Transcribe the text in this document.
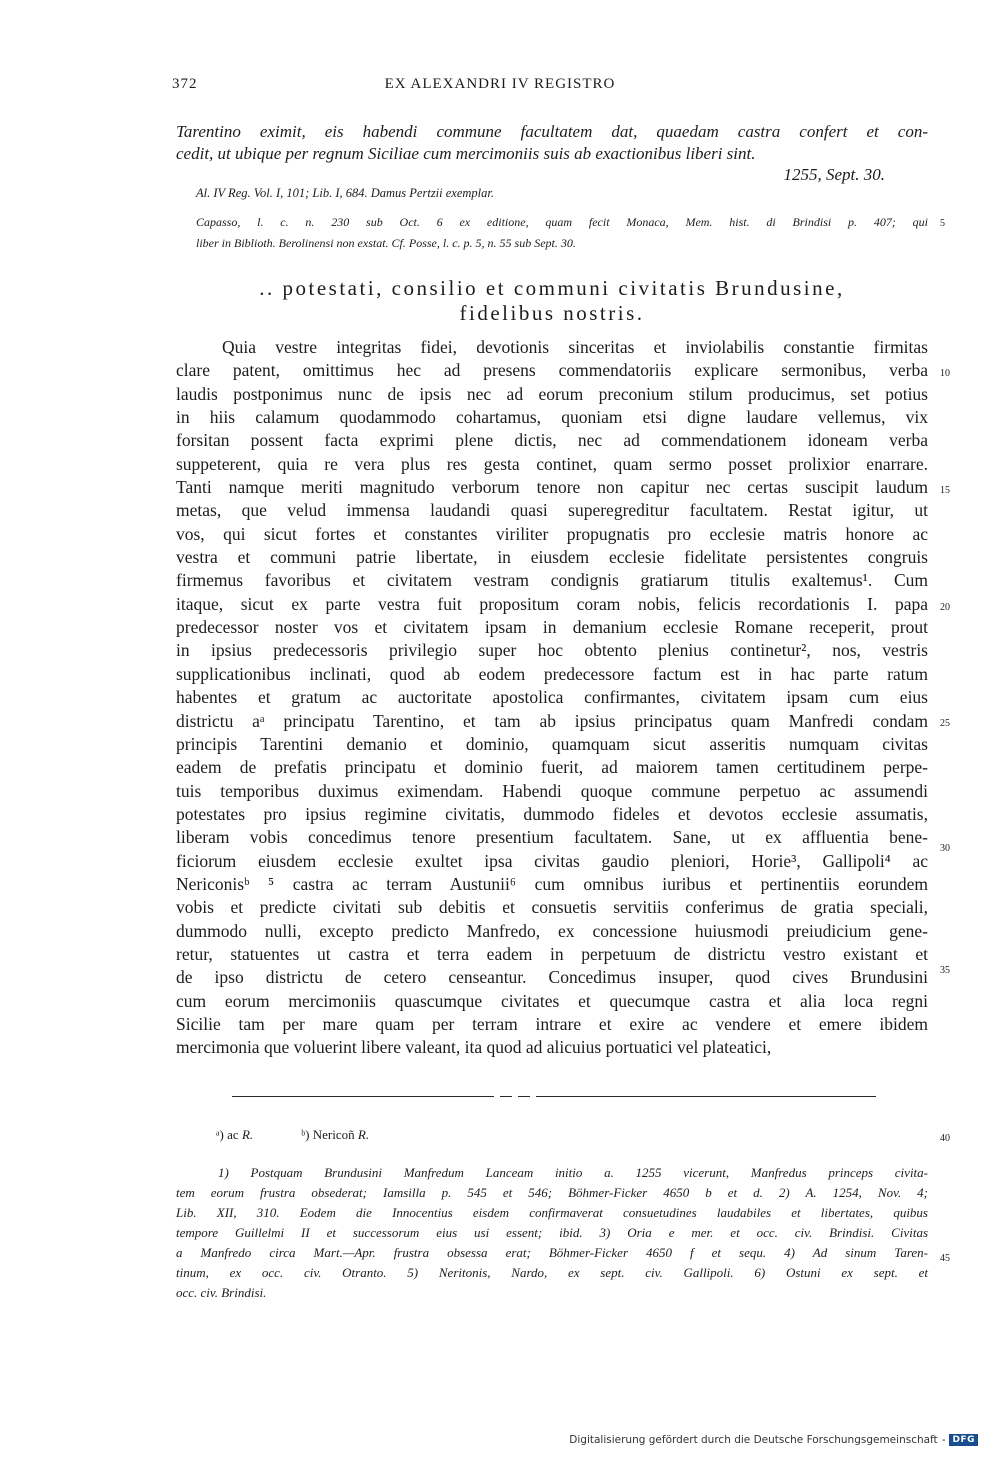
372	EX ALEXANDRI IV REGISTRO
Tarentino eximit, eis habendi commune facultatem dat, quaedam castra confert et con-
cedit, ut ubique per regnum Siciliae cum mercimoniis suis ab exactionibus liberi sint.
1255, Sept. 30.
Al. IV Reg. Vol. I, 101; Lib. I, 684. Damus Pertzii exemplar.
Capasso, l. c. n. 230 sub Oct. 6 ex editione, quam fecit Monaca, Mem. hist. di Brindisi p. 407; qui
liber in Biblioth. Berolinensi non exstat. Cf. Posse, l. c. p. 5, n. 55 sub Sept. 30.
.. potestati, consilio et communi civitatis Brundusine,
fidelibus nostris.
Quia vestre integritas fidei, devotionis sinceritas et inviolabilis constantie firmitas
clare patent, omittimus hec ad presens commendatoriis explicare sermonibus, verba
laudis postponimus nunc de ipsis nec ad eorum preconium stilum producimus, set potius
in hiis calamum quodammodo cohartamus, quoniam etsi digne laudare vellemus, vix
forsitan possent facta exprimi plene dictis, nec ad commendationem idoneam verba
suppeterent, quia re vera plus res gesta continet, quam sermo posset prolixior enarrare.
Tanti namque meriti magnitudo verborum tenore non capitur nec certas suscipit laudum
metas, que velud immensa laudandi quasi superegreditur facultatem. Restat igitur, ut
vos, qui sicut fortes et constantes viriliter propugnatis pro ecclesie matris honore ac
vestra et communi patrie libertate, in eiusdem ecclesie fidelitate persistentes congruis
firmemus favoribus et civitatem vestram condignis gratiarum titulis exaltemus¹. Cum
itaque, sicut ex parte vestra fuit propositum coram nobis, felicis recordationis I. papa
predecessor noster vos et civitatem ipsam in demanium ecclesie Romane receperit, prout
in ipsius predecessoris privilegio super hoc obtento plenius continetur², nos, vestris
supplicationibus inclinati, quod ab eodem predecessore factum est in hac parte ratum
habentes et gratum ac auctoritate apostolica confirmantes, civitatem ipsam cum eius
districtu aᵃ principatu Tarentino, et tam ab ipsius principatus quam Manfredi condam
principis Tarentini demanio et dominio, quamquam sicut asseritis numquam civitas
eadem de prefatis principatu et dominio fuerit, ad maiorem tamen certitudinem perpe-
tuis temporibus duximus eximendam. Habendi quoque commune perpetuo ac assumendi
potestates pro ipsius regimine civitatis, dummodo fideles et devotos ecclesie assumatis,
liberam vobis concedimus tenore presentium facultatem. Sane, ut ex affluentia bene-
ficiorum eiusdem ecclesie exultet ipsa civitas gaudio pleniori, Horie³, Gallipoli⁴ ac
Nericonisᵇ ⁵ castra ac terram Austunii⁶ cum omnibus iuribus et pertinentiis eorundem
vobis et predicte civitati sub debitis et consuetis servitiis conferimus de gratia speciali,
dummodo nulli, excepto predicto Manfredo, ex concessione huiusmodi preiudicium gene-
retur, statuentes ut castra et terra eadem in perpetuum de districtu vestro existant et
de ipso districtu de cetero censeantur. Concedimus insuper, quod cives Brundusini
cum eorum mercimoniis quascumque civitates et quecumque castra et alia loca regni
Sicilie tam per mare quam per terram intrare et exire ac vendere et emere ibidem
mercimonia que voluerint libere valeant, ita quod ad alicuius portuatici vel plateatici,
5
10
15
20
25
30
35
40
45
ᵃ) ac R.	ᵇ) Nericoñ R.
1) Postquam Brundusini Manfredum Lanceam initio a. 1255 vicerunt, Manfredus princeps civita-
tem eorum frustra obsederat; Iamsilla p. 545 et 546; Böhmer-Ficker 4650 b et d. 2) A. 1254, Nov. 4;
Lib. XII, 310. Eodem die Innocentius eisdem confirmaverat consuetudines laudabiles et libertates, quibus
tempore Guillelmi II et successorum eius usi essent; ibid. 3) Oria e mer. et occ. civ. Brindisi. Civitas
a Manfredo circa Mart.—Apr. frustra obsessa erat; Böhmer-Ficker 4650 f et sequ. 4) Ad sinum Taren-
tinum, ex occ. civ. Otranto. 5) Neritonis, Nardo, ex sept. civ. Gallipoli. 6) Ostuni ex sept. et
occ. civ. Brindisi.
Digitalisierung gefördert durch die Deutsche Forschungsgemeinschaft - DFG
